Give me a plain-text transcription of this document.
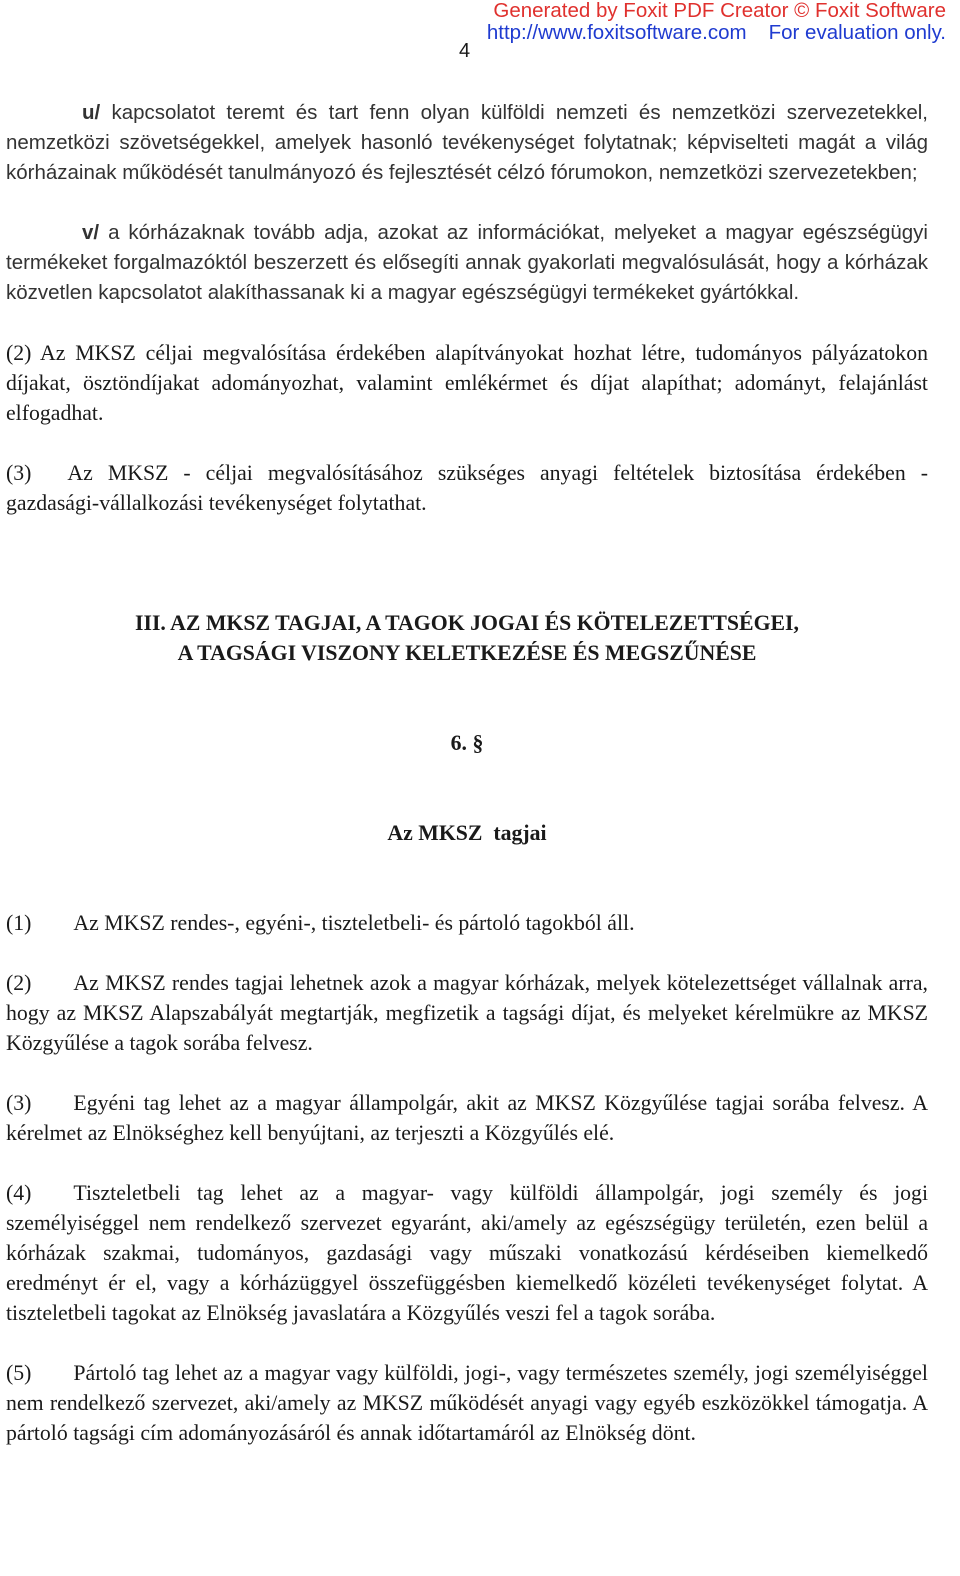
Generated by Foxit PDF Creator © Foxit Software
http://www.foxitsoftware.com For evaluation only.
4

u/ kapcsolatot teremt és tart fenn olyan külföldi nemzeti és nemzetközi szervezetekkel, nemzetközi szövetségekkel, amelyek hasonló tevékenységet folytatnak; képviselteti magát a világ kórházainak működését tanulmányozó és fejlesztését célzó fórumokon, nemzetközi szervezetekben;

v/ a kórházaknak tovább adja, azokat az információkat, melyeket a magyar egészségügyi termékeket forgalmazóktól beszerzett és elősegíti annak gyakorlati megvalósulását, hogy a kórházak közvetlen kapcsolatot alakíthassanak ki a magyar egészségügyi termékeket gyártókkal.

(2) Az MKSZ céljai megvalósítása érdekében alapítványokat hozhat létre, tudományos pályázatokon díjakat, ösztöndíjakat adományozhat, valamint emlékérmet és díjat alapíthat; adományt, felajánlást elfogadhat.

(3) Az MKSZ - céljai megvalósításához szükséges anyagi feltételek biztosítása érdekében - gazdasági-vállalkozási tevékenységet folytathat.

III. AZ MKSZ TAGJAI, A TAGOK JOGAI ÉS KÖTELEZETTSÉGEI,

A TAGSÁGI VISZONY KELETKEZÉSE ÉS MEGSZŰNÉSE

6. §

Az MKSZ  tagjai

(1) Az MKSZ rendes-, egyéni-, tiszteletbeli- és pártoló tagokból áll.

(2) Az MKSZ rendes tagjai lehetnek azok a magyar kórházak, melyek kötelezettséget vállalnak arra, hogy az MKSZ Alapszabályát megtartják, megfizetik a tagsági díjat, és melyeket kérelmükre az MKSZ Közgyűlése a tagok sorába felvesz.

(3) Egyéni tag lehet az a magyar állampolgár, akit az MKSZ Közgyűlése tagjai sorába felvesz. A kérelmet az Elnökséghez kell benyújtani, az terjeszti a Közgyűlés elé.

(4) Tiszteletbeli tag lehet az a magyar- vagy külföldi állampolgár, jogi személy és jogi személyiséggel nem rendelkező szervezet egyaránt, aki/amely az egészségügy területén, ezen belül a kórházak szakmai, tudományos, gazdasági vagy műszaki vonatkozású kérdéseiben kiemelkedő eredményt ér el, vagy a kórházüggyel összefüggésben kiemelkedő közéleti tevékenységet folytat. A tiszteletbeli tagokat az Elnökség javaslatára a Közgyűlés veszi fel a tagok sorába.

(5) Pártoló tag lehet az a magyar vagy külföldi, jogi-, vagy természetes személy, jogi személyiséggel nem rendelkező szervezet, aki/amely az MKSZ működését anyagi vagy egyéb eszközökkel támogatja. A pártoló tagsági cím adományozásáról és annak időtartamáról az Elnökség dönt.
